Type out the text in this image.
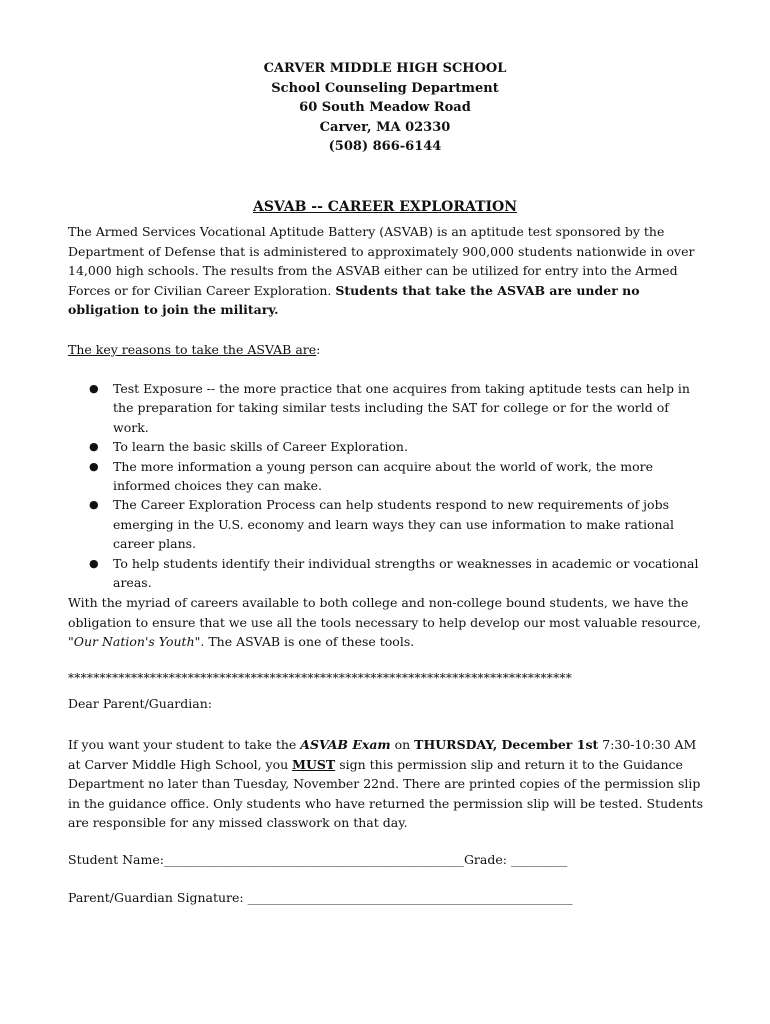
CARVER MIDDLE HIGH SCHOOL
School Counseling Department
60 South Meadow Road
Carver, MA 02330
(508) 866-6144
ASVAB -- CAREER EXPLORATION
The Armed Services Vocational Aptitude Battery (ASVAB) is an aptitude test sponsored by the Department of Defense that is administered to approximately 900,000 students nationwide in over 14,000 high schools. The results from the ASVAB either can be utilized for entry into the Armed Forces or for Civilian Career Exploration. Students that take the ASVAB are under no obligation to join the military.
The key reasons to take the ASVAB are:
● Test Exposure -- the more practice that one acquires from taking aptitude tests can help in the preparation for taking similar tests including the SAT for college or for the world of work.
● To learn the basic skills of Career Exploration.
● The more information a young person can acquire about the world of work, the more informed choices they can make.
● The Career Exploration Process can help students respond to new requirements of jobs emerging in the U.S. economy and learn ways they can use information to make rational career plans.
● To help students identify their individual strengths or weaknesses in academic or vocational areas.
With the myriad of careers available to both college and non-college bound students, we have the obligation to ensure that we use all the tools necessary to help develop our most valuable resource, "Our Nation's Youth". The ASVAB is one of these tools.
********************************************************************************
Dear Parent/Guardian:
If you want your student to take the ASVAB Exam on THURSDAY, December 1st 7:30-10:30 AM at Carver Middle High School, you MUST sign this permission slip and return it to the Guidance Department no later than Tuesday, November 22nd. There are printed copies of the permission slip in the guidance office. Only students who have returned the permission slip will be tested. Students are responsible for any missed classwork on that day.
Student Name:________________________________________________Grade: _________
Parent/Guardian Signature: ____________________________________________________
